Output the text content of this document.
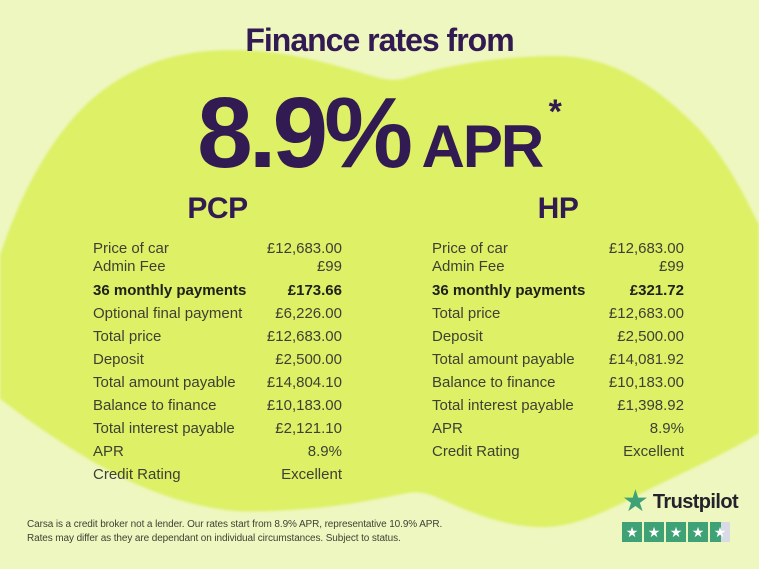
Finance rates from
8.9% APR *
PCP
Price of car	£12,683.00
Admin Fee	£99
36 monthly payments	£173.66
Optional final payment £6,226.00
Total price	£12,683.00
Deposit	£2,500.00
Total amount payable £14,804.10
Balance to finance	£10,183.00
Total interest payable	£2,121.10
APR	8.9%
Credit Rating	Excellent
HP
Price of car	£12,683.00
Admin Fee	£99
36 monthly payments	£321.72
Total price	£12,683.00
Deposit	£2,500.00
Total amount payable £14,081.92
Balance to finance	£10,183.00
Total interest payable	£1,398.92
APR	8.9%
Credit Rating	Excellent
Carsa is a credit broker not a lender. Our rates start from 8.9% APR, representative 10.9% APR.
Rates may differ as they are dependant on individual circumstances. Subject to status.
★ Trustpilot
★ ★ ★ ★ ★
